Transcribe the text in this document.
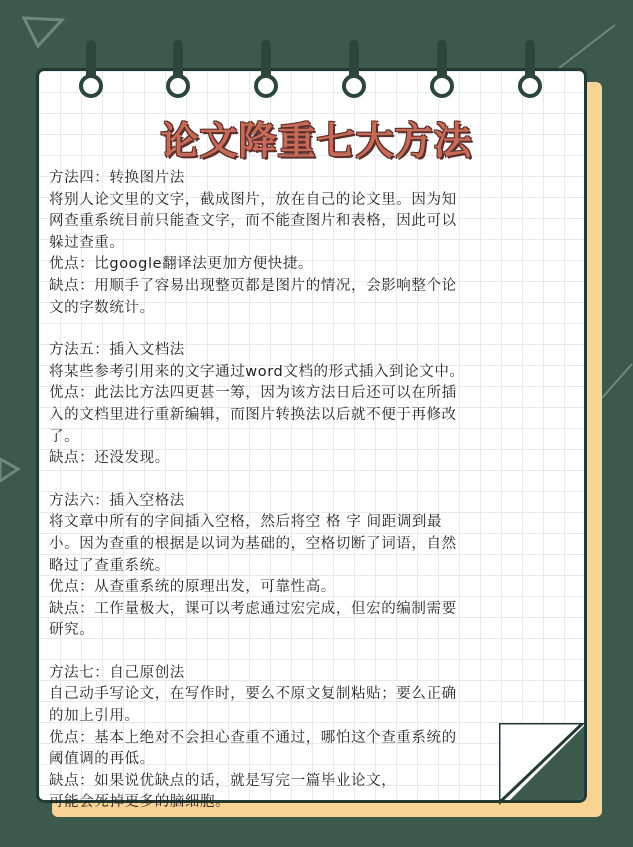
论文降重七大方法
方法四：转换图片法
将别人论文里的文字，截成图片，放在自己的论文里。因为知
网查重系统目前只能查文字，而不能查图片和表格，因此可以
躲过查重。
优点：比google翻译法更加方便快捷。
缺点：用顺手了容易出现整页都是图片的情况，会影响整个论
文的字数统计。
方法五：插入文档法
将某些参考引用来的文字通过word文档的形式插入到论文中。
优点：此法比方法四更甚一筹，因为该方法日后还可以在所插
入的文档里进行重新编辑，而图片转换法以后就不便于再修改
了。
缺点：还没发现。
方法六：插入空格法
将文章中所有的字间插入空格，然后将空 格 字 间距调到最
小。因为查重的根据是以词为基础的，空格切断了词语，自然
略过了查重系统。
优点：从查重系统的原理出发，可靠性高。
缺点：工作量极大，课可以考虑通过宏完成，但宏的编制需要
研究。
方法七：自己原创法
自己动手写论文，在写作时，要么不原文复制粘贴；要么正确
的加上引用。
优点：基本上绝对不会担心查重不通过，哪怕这个查重系统的
阈值调的再低。
缺点：如果说优缺点的话，就是写完一篇毕业论文，
可能会死掉更多的脑细胞。
